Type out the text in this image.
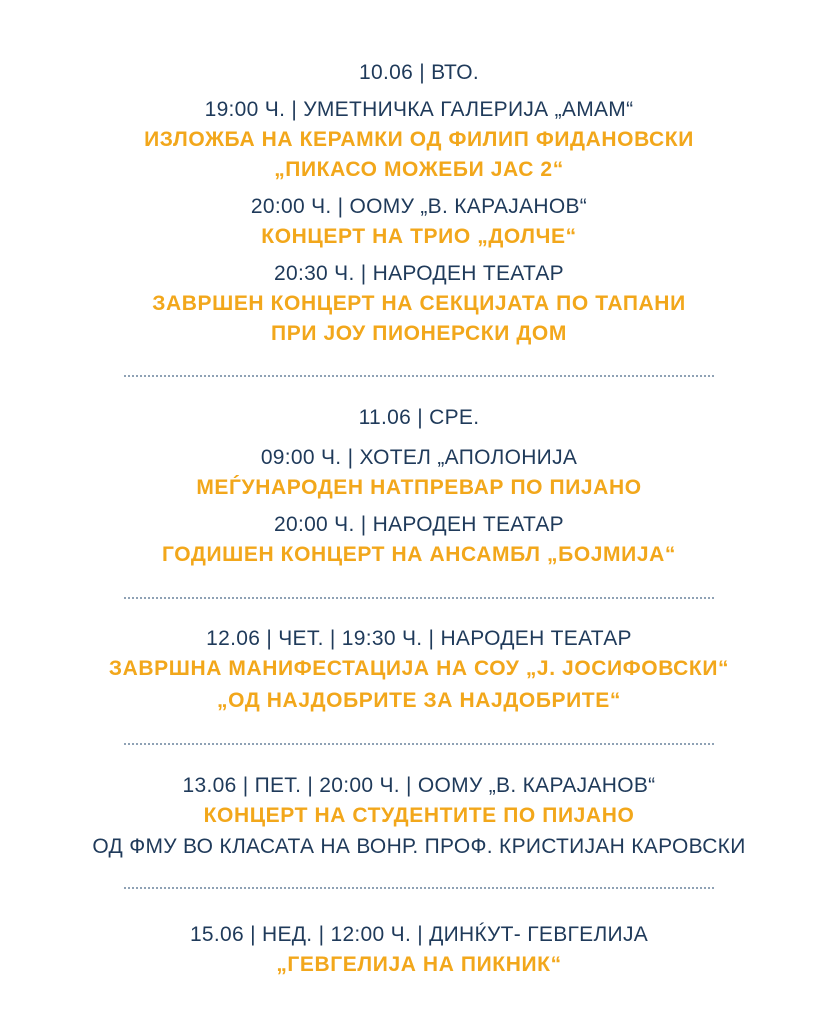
10.06 | ВТО.
19:00 Ч. | УМЕТНИЧКА ГАЛЕРИЈА „АМАМ“
ИЗЛОЖБА НА КЕРАМКИ ОД ФИЛИП ФИДАНОВСКИ
„ПИКАСО МОЖЕБИ ЈАС 2“
20:00 Ч. | ООМУ „В. КАРАЈАНОВ“
КОНЦЕРТ НА ТРИО „ДОЛЧЕ“
20:30 Ч. | НАРОДЕН ТЕАТАР
ЗАВРШЕН КОНЦЕРТ НА СЕКЦИЈАТА ПО ТАПАНИ
ПРИ ЈОУ ПИОНЕРСКИ ДОМ
11.06 | СРЕ.
09:00 Ч. | ХОТЕЛ „АПОЛОНИЈА
МЕЃУНАРОДЕН НАТПРЕВАР ПО ПИЈАНО
20:00 Ч. | НАРОДЕН ТЕАТАР
ГОДИШЕН КОНЦЕРТ НА АНСАМБЛ „БОЈМИЈА“
12.06 | ЧЕТ. | 19:30 Ч. | НАРОДЕН ТЕАТАР
ЗАВРШНА МАНИФЕСТАЦИЈА НА СОУ „Ј. ЈОСИФОВСКИ“
„ОД НАЈДОБРИТЕ ЗА НАЈДОБРИТЕ“
13.06 | ПЕТ. | 20:00 Ч. | ООМУ „В. КАРАЈАНОВ“
КОНЦЕРТ НА СТУДЕНТИТЕ ПО ПИЈАНО
ОД ФМУ ВО КЛАСАТА НА ВОНР. ПРОФ. КРИСТИЈАН КАРОВСКИ
15.06 | НЕД. | 12:00 Ч. | ДИНЌУТ- ГЕВГЕЛИЈА
„ГЕВГЕЛИЈА НА ПИКНИК“
